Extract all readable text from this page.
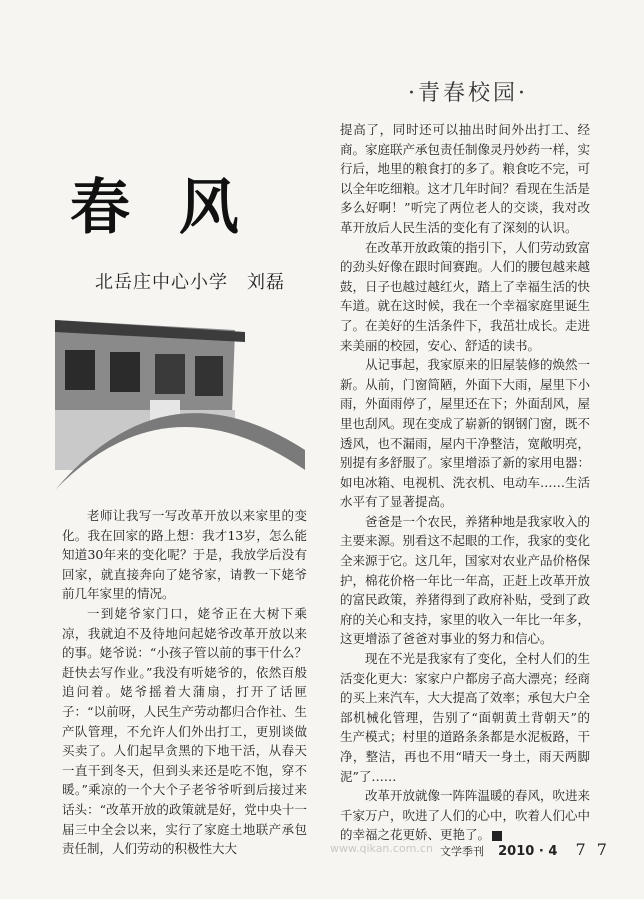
·青春校园·
春 风
北岳庄中心小学　刘磊

提高了，同时还可以抽出时间外出打工、经商。家庭联产承包责任制像灵丹妙药一样，实行后，地里的粮食打的多了。粮食吃不完，可以全年吃细粮。这才几年时间？看现在生活是多么好啊！”听完了两位老人的交谈，我对改革开放后人民生活的变化有了深刻的认识。

在改革开放政策的指引下，人们劳动致富的劲头好像在跟时间赛跑。人们的腰包越来越鼓，日子也越过越红火，踏上了幸福生活的快车道。就在这时候，我在一个幸福家庭里诞生了。在美好的生活条件下，我茁壮成长。走进来美丽的校园，安心、舒适的读书。

从记事起，我家原来的旧屋装修的焕然一新。从前，门窗简陋，外面下大雨，屋里下小雨，外面雨停了，屋里还在下；外面刮风，屋里也刮风。现在变成了崭新的钢钢门窗，既不透风，也不漏雨，屋内干净整洁，宽敞明亮，别提有多舒服了。家里增添了新的家用电器：如电冰箱、电视机、洗衣机、电动车……生活水平有了显著提高。

爸爸是一个农民，养猪种地是我家收入的主要来源。别看这不起眼的工作，我家的变化全来源于它。这几年，国家对农业产品价格保护，棉花价格一年比一年高，正赶上改革开放的富民政策，养猪得到了政府补贴，受到了政府的关心和支持，家里的收入一年比一年多，这更增添了爸爸对事业的努力和信心。

现在不光是我家有了变化，全村人们的生活变化更大：家家户户都房子高大漂亮；经商的买上来汽车，大大提高了效率；承包大户全部机械化管理，告别了“面朝黄土背朝天”的生产模式；村里的道路条条都是水泥板路，干净，整洁，再也不用“晴天一身土，雨天两脚泥”了……

改革开放就像一阵阵温暖的春风，吹进来千家万户，吹进了人们的心中，吹着人们心中的幸福之花更娇、更艳了。

老师让我写一写改革开放以来家里的变化。我在回家的路上想：我才13岁，怎么能知道30年来的变化呢？于是，我放学后没有回家，就直接奔向了姥爷家，请教一下姥爷前几年家里的情况。

一到姥爷家门口，姥爷正在大树下乘凉，我就迫不及待地问起姥爷改革开放以来的事。姥爷说：“小孩子管以前的事干什么？赶快去写作业。”我没有听姥爷的，依然百般追问着。姥爷摇着大蒲扇，打开了话匣子：“以前呀，人民生产劳动都归合作社、生产队管理，不允许人们外出打工，更别谈做买卖了。人们起早贪黑的下地干活，从春天一直干到冬天，但到头来还是吃不饱，穿不暖。”乘凉的一个大个子老爷爷听到后接过来话头：“改革开放的政策就是好，党中央十一届三中全会以来，实行了家庭土地联产承包责任制，人们劳动的积极性大大	www.qikan.com.cn 文学季刊 2010 · 4 7 7
